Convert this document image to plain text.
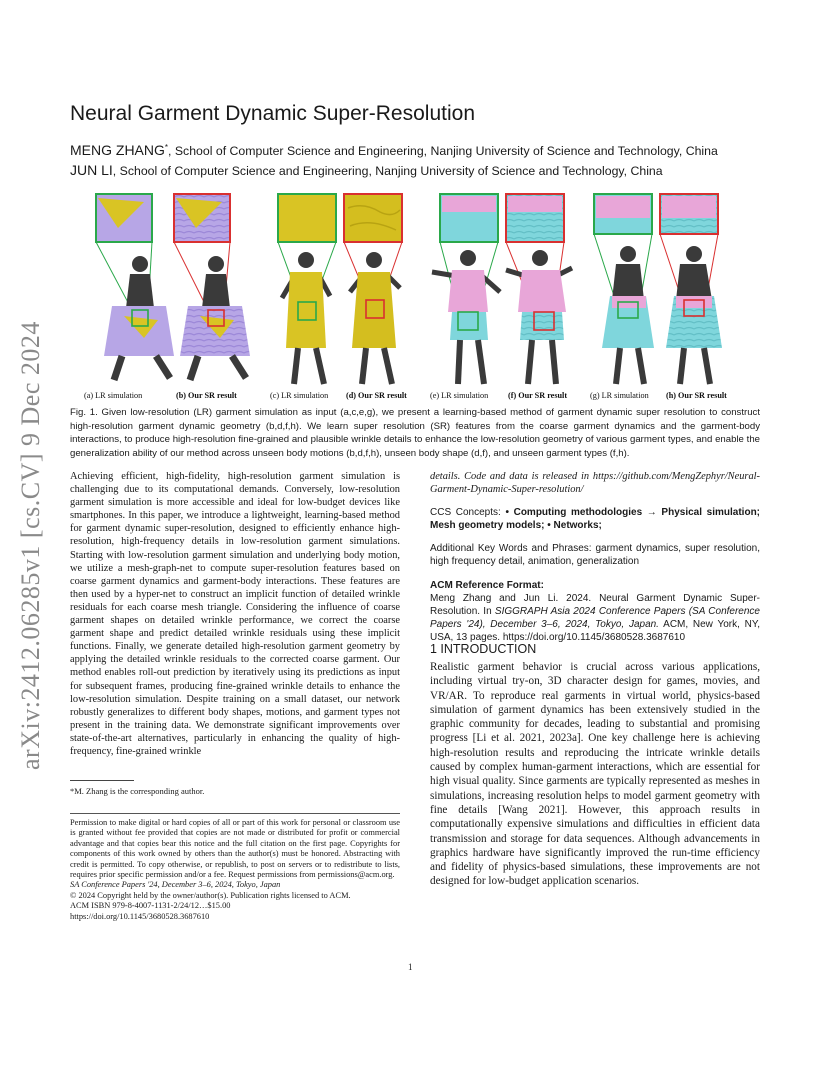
arXiv:2412.06285v1 [cs.CV] 9 Dec 2024
Neural Garment Dynamic Super-Resolution
MENG ZHANG*, School of Computer Science and Engineering, Nanjing University of Science and Technology, China
JUN LI, School of Computer Science and Engineering, Nanjing University of Science and Technology, China
(a) LR simulation	(b) Our SR result	(c) LR simulation (d) Our SR result	(e) LR simulation (f) Our SR result	(g) LR simulation (h) Our SR result
Fig. 1. Given low-resolution (LR) garment simulation as input (a,c,e,g), we present a learning-based method of garment dynamic super resolution to construct high-resolution garment dynamic geometry (b,d,f,h). We learn super resolution (SR) features from the coarse garment dynamics and the garment-body interactions, to produce high-resolution fine-grained and plausible wrinkle details to enhance the low-resolution geometry of various garment types, and enable the generalization ability of our method across unseen body motions (b,d,f,h), unseen body shape (d,f), and unseen garment types (f,h).
Achieving efficient, high-fidelity, high-resolution garment simulation is challenging due to its computational demands. Conversely, low-resolution garment simulation is more accessible and ideal for low-budget devices like smartphones. In this paper, we introduce a lightweight, learning-based method for garment dynamic super-resolution, designed to efficiently enhance high-resolution, high-frequency details in low-resolution garment simulations. Starting with low-resolution garment simulation and underlying body motion, we utilize a mesh-graph-net to compute super-resolution features based on coarse garment dynamics and garment-body interactions. These features are then used by a hyper-net to construct an implicit function of detailed wrinkle residuals for each coarse mesh triangle. Considering the influence of coarse garment shapes on detailed wrinkle performance, we correct the coarse garment shape and predict detailed wrinkle residuals using these implicit functions. Finally, we generate detailed high-resolution garment geometry by applying the detailed wrinkle residuals to the corrected coarse garment. Our method enables roll-out prediction by iteratively using its predictions as input for subsequent frames, producing fine-grained wrinkle details to enhance the low-resolution simulation. Despite training on a small dataset, our network robustly generalizes to different body shapes, motions, and garment types not present in the training data. We demonstrate significant improvements over state-of-the-art alternatives, particularly in enhancing the quality of high-frequency, fine-grained wrinkle
details. Code and data is released in https://github.com/MengZephyr/Neural-Garment-Dynamic-Super-resolution/
CCS Concepts: • Computing methodologies → Physical simulation; Mesh geometry models; • Networks;
Additional Key Words and Phrases: garment dynamics, super resolution, high frequency detail, animation, generalization
ACM Reference Format:
Meng Zhang and Jun Li. 2024. Neural Garment Dynamic Super-Resolution. In SIGGRAPH Asia 2024 Conference Papers (SA Conference Papers '24), December 3–6, 2024, Tokyo, Japan. ACM, New York, NY, USA, 13 pages. https://doi.org/10.1145/3680528.3687610
*M. Zhang is the corresponding author.
Permission to make digital or hard copies of all or part of this work for personal or classroom use is granted without fee provided that copies are not made or distributed for profit or commercial advantage and that copies bear this notice and the full citation on the first page. Copyrights for components of this work owned by others than the author(s) must be honored. Abstracting with credit is permitted. To copy otherwise, or republish, to post on servers or to redistribute to lists, requires prior specific permission and/or a fee. Request permissions from permissions@acm.org.
SA Conference Papers '24, December 3–6, 2024, Tokyo, Japan
© 2024 Copyright held by the owner/author(s). Publication rights licensed to ACM.
ACM ISBN 979-8-4007-1131-2/24/12…$15.00
https://doi.org/10.1145/3680528.3687610
1 INTRODUCTION
Realistic garment behavior is crucial across various applications, including virtual try-on, 3D character design for games, movies, and VR/AR. To reproduce real garments in virtual world, physics-based simulation of garment dynamics has been extensively studied in the graphic community for decades, leading to substantial and promising progress [Li et al. 2021, 2023a]. One key challenge here is achieving high-resolution results and reproducing the intricate wrinkle details caused by complex human-garment interactions, which are essential for high visual quality. Since garments are typically represented as meshes in simulations, increasing resolution helps to model garment geometry with fine details [Wang 2021]. However, this approach results in computationally expensive simulations and difficulties in efficient data transmission and storage for data sequences. Although advancements in graphics hardware have significantly improved the run-time efficiency and fidelity of physics-based simulations, these improvements are not designed for low-budget application scenarios.
1
